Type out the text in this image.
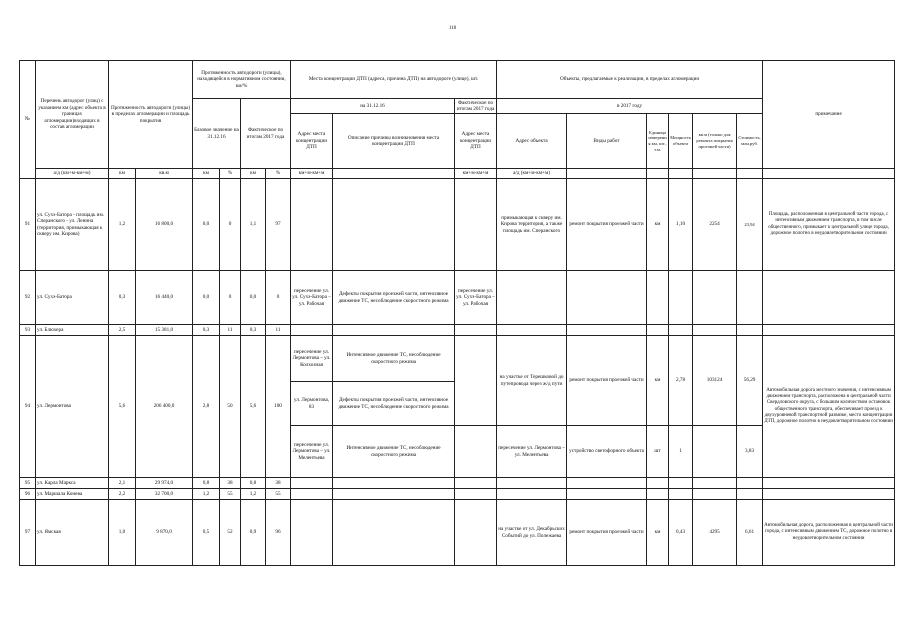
118
№	Перечень автодорог (улиц) с указанием км (адрес объекта в границах агломерации)входящих в состав агломерации	Протяженность автодороги (улицы) в пределах агломерации и площадь покрытия		Протяженность автодороги (улицы), находящейся в нормативном состоянии, км/%				Места концентрации ДТП (адреса, причина ДТП) на автодороге (улице), шт.			Объекты, предлагаемые к реализации, в пределах агломерации						примечание
				Базовое значение на 31.12.16		Фактическое по итогам 2017 года		на 31.12.16		Фактическое по итогам 2017 года	в 2017 году						
								Адрес места концентрации ДТП	Описание причины возникновения места концентрации ДТП	Адрес места концентрации ДТП	Адрес объекта	Виды работ	Единица измерения км, шт., т.м.	Мощность объекта	кв.м (только для ремонта покрытия проезжей части)	Стоимость, млн.руб.	
	а/д (км+м-км+м)	км	кв.м	км	%	км	%	км+м-км+м		км+м-км+м	а/д (км+м-км+м)						
91	ул. Сухэ-Батора - площадь им. Сперанского - ул. Ленина (территория, примыкающая к скверу им. Кирова)	1,2	16 800,0	0,0	0	1,1	97				примыкающая к скверу им. Кирова территория, а также площадь им. Сперанского	ремонт покрытия проезжей части	км	1,10	2254	23,94	Площадь, расположенная в центральной части города, с интенсивным движением транспорта, в том числе общественного, примыкает к центральной улице города, дорожное полотно в неудовлетворительном состоянии
92	ул. Сухэ-Батора	0,3	16 440,0	0,0	0	0,0	0	пересечение ул. ул. Сухэ-Батора – ул. Рабочая	Дефекты покрытия проезжей части, интенсивное движение ТС, несоблюдение скоростного режима	пересечение ул. ул. Сухэ-Батора – ул. Рабочая							
93	ул. Блюхера	2,5	15 381,0	0,3	11	0,3	11										
94	ул. Лермонтова	5,6	206 400,0	2,8	50	5,6	100	пересечение ул. Лермонтова – ул. Колхозная	Интенсивное движение ТС, несоблюдение скоростного режима		на участке от Терешковой до путепровода через ж/д пути	ремонт покрытия проезжей части	км	2,78	103124	56,29	Автомобильная дорога местного значения, с интенсивным движением транспорта, расположена в центральной части Свердловского округа, с большим количеством остановок общественного транспорта, обеспечивает проезд к двухуровневой транспортной развязке, место концентрации ДТП, дорожное полотно в неудовлетворительном состоянии
								ул. Лермонтова, 83	Дефекты покрытия проезжей части, интенсивное движение ТС, несоблюдение скоростного режима								
								пересечение ул. Лермонтова – ул. Мелентьева	Интенсивное движение ТС, несоблюдение скоростного режима		пересечение ул. Лермонтова – ул. Мелентьева	устройство светофорного объекта	шт	1		3,83	
95	ул. Карла Маркса	2,1	29 974,0	0,8	38	0,8	38										
96	ул. Маршала Конева	2,2	32 700,0	1,2	55	1,2	55										
97	ул. Ямская	1,0	9 870,0	0,5	52	0,9	96				на участке от ул. Декабрьских Событий до ул. Полежаева	ремонт покрытия проезжей части	км	0,43	4295	6,61	Автомобильная дорога, расположенная в центральной части города, с интенсивным движением ТС, дорожное полотно в неудовлетворительном состоянии
